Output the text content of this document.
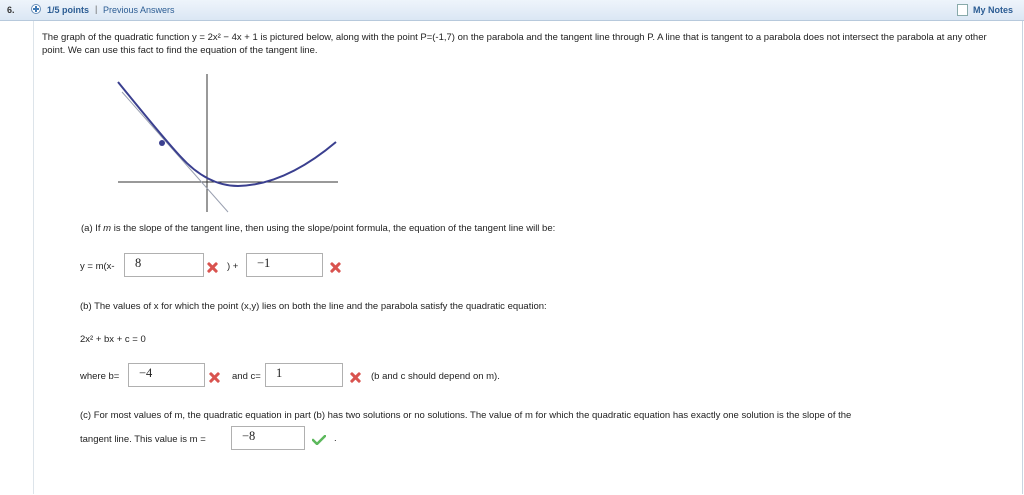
6.	1/5 points | Previous Answers	My Notes
The graph of the quadratic function y = 2x² − 4x + 1 is pictured below, along with the point P=(-1,7) on the parabola and the tangent line through P. A line that is tangent to a parabola does not intersect the parabola at any other point. We can use this fact to find the equation of the tangent line.
(a) If m is the slope of the tangent line, then using the slope/point formula, the equation of the tangent line will be:
y = m(x-	8	) +	−1
(b) The values of x for which the point (x,y) lies on both the line and the parabola satisfy the quadratic equation:
2x² + bx + c = 0
where b=	−4	and c=	1	(b and c should depend on m).
(c) For most values of m, the quadratic equation in part (b) has two solutions or no solutions. The value of m for which the quadratic equation has exactly one solution is the slope of the
tangent line. This value is m =	−8	.
